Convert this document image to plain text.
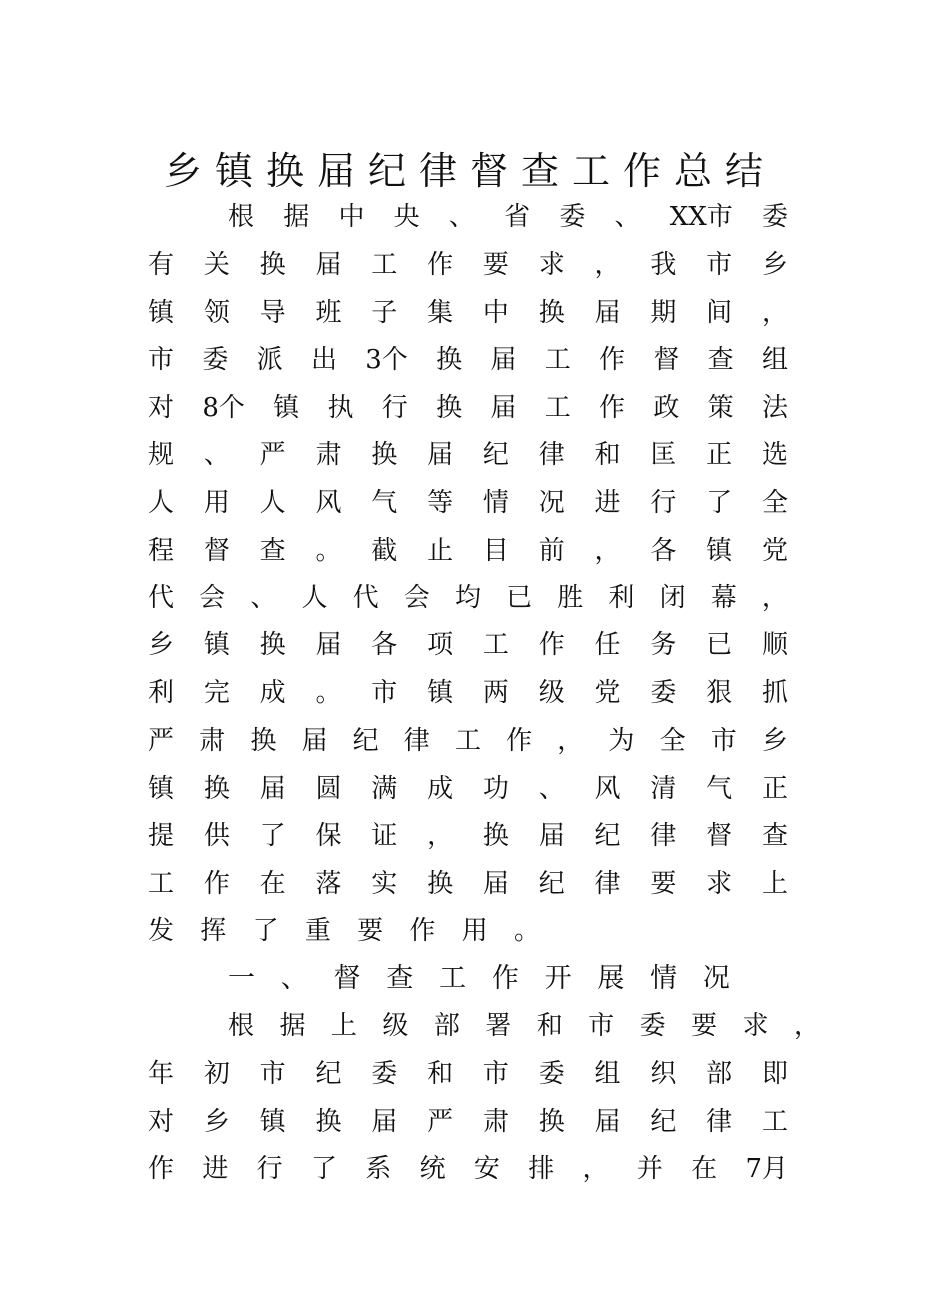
乡镇换届纪律督查工作总结
根 据 中 央 、 省 委 、 XX市 委
有 关 换 届 工 作 要 求 ， 我 市 乡
镇 领 导 班 子 集 中 换 届 期 间 ，
市 委 派 出 3个 换 届 工 作 督 查 组
对 8个 镇 执 行 换 届 工 作 政 策 法
规 、 严 肃 换 届 纪 律 和 匡 正 选
人 用 人 风 气 等 情 况 进 行 了 全
程 督 查 。 截 止 目 前 ， 各 镇 党
代 会 、 人 代 会 均 已 胜 利 闭 幕 ，
乡 镇 换 届 各 项 工 作 任 务 已 顺
利 完 成 。 市 镇 两 级 党 委 狠 抓
严 肃 换 届 纪 律 工 作 ， 为 全 市 乡
镇 换 届 圆 满 成 功 、 风 清 气 正
提 供 了 保 证 ， 换 届 纪 律 督 查
工 作 在 落 实 换 届 纪 律 要 求 上
发 挥 了 重 要 作 用 。
一 、 督 查 工 作 开 展 情 况
根 据 上 级 部 署 和 市 委 要 求 ，
年 初 市 纪 委 和 市 委 组 织 部 即
对 乡 镇 换 届 严 肃 换 届 纪 律 工
作 进 行 了 系 统 安 排 ， 并 在 7月
